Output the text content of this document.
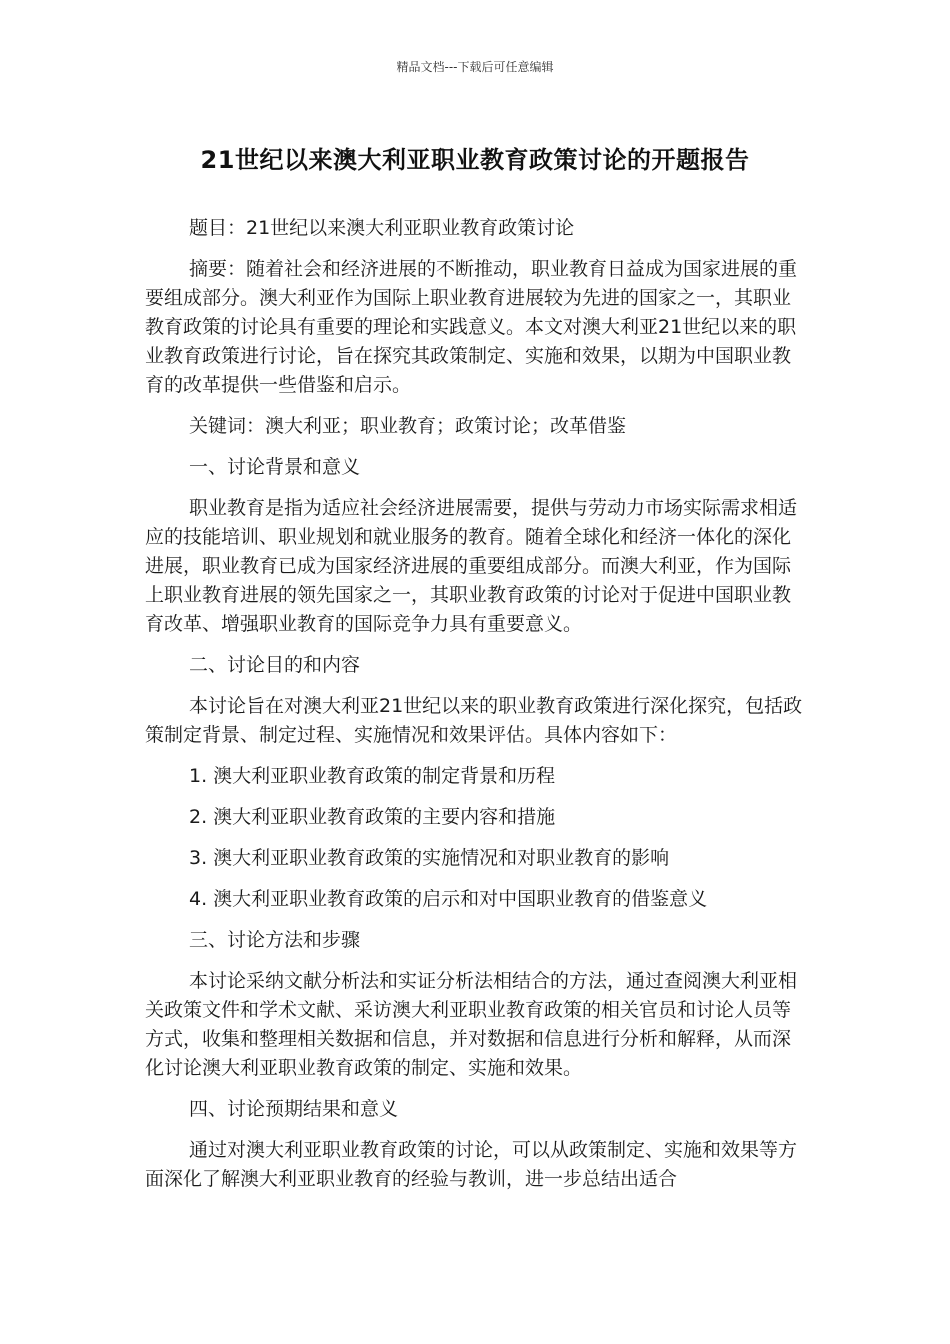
精品文档---下载后可任意编辑
21世纪以来澳大利亚职业教育政策讨论的开题报告

题目：21世纪以来澳大利亚职业教育政策讨论

摘要：随着社会和经济进展的不断推动，职业教育日益成为国家进展的重要组成部分。澳大利亚作为国际上职业教育进展较为先进的国家之一，其职业教育政策的讨论具有重要的理论和实践意义。本文对澳大利亚21世纪以来的职业教育政策进行讨论，旨在探究其政策制定、实施和效果，以期为中国职业教育的改革提供一些借鉴和启示。

关键词：澳大利亚；职业教育；政策讨论；改革借鉴

一、讨论背景和意义

职业教育是指为适应社会经济进展需要，提供与劳动力市场实际需求相适应的技能培训、职业规划和就业服务的教育。随着全球化和经济一体化的深化进展，职业教育已成为国家经济进展的重要组成部分。而澳大利亚，作为国际上职业教育进展的领先国家之一，其职业教育政策的讨论对于促进中国职业教育改革、增强职业教育的国际竞争力具有重要意义。

二、讨论目的和内容

本讨论旨在对澳大利亚21世纪以来的职业教育政策进行深化探究，包括政策制定背景、制定过程、实施情况和效果评估。具体内容如下：

1. 澳大利亚职业教育政策的制定背景和历程

2. 澳大利亚职业教育政策的主要内容和措施

3. 澳大利亚职业教育政策的实施情况和对职业教育的影响

4. 澳大利亚职业教育政策的启示和对中国职业教育的借鉴意义

三、讨论方法和步骤

本讨论采纳文献分析法和实证分析法相结合的方法，通过查阅澳大利亚相关政策文件和学术文献、采访澳大利亚职业教育政策的相关官员和讨论人员等方式，收集和整理相关数据和信息，并对数据和信息进行分析和解释，从而深化讨论澳大利亚职业教育政策的制定、实施和效果。

四、讨论预期结果和意义

通过对澳大利亚职业教育政策的讨论，可以从政策制定、实施和效果等方面深化了解澳大利亚职业教育的经验与教训，进一步总结出适合
